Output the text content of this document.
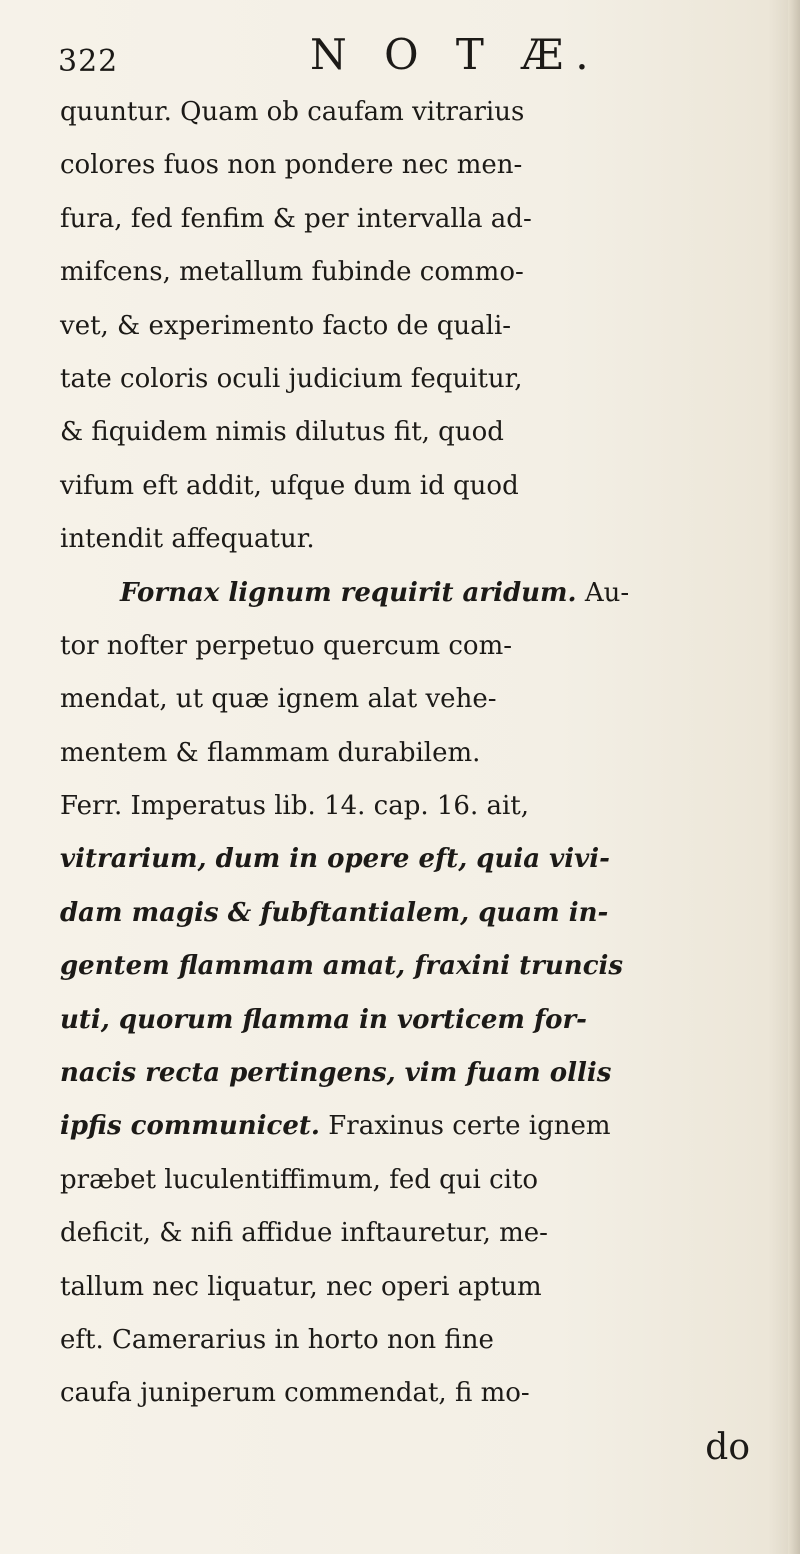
322	N O T Æ.
quuntur. Quam ob caufam vitrarius
colores fuos non pondere nec men-
fura, fed fenfim & per intervalla ad-
mifcens, metallum fubinde commo-
vet, & experimento facto de quali-
tate coloris oculi judicium fequitur,
& fiquidem nimis dilutus fit, quod
vifum eft addit, ufque dum id quod
intendit affequatur.
Fornax lignum requirit aridum. Au-
tor nofter perpetuo quercum com-
mendat, ut quæ ignem alat vehe-
mentem & flammam durabilem.
Ferr. Imperatus lib. 14. cap. 16. ait,
vitrarium, dum in opere eft, quia vivi-
dam magis & fubftantialem, quam in-
gentem flammam amat, fraxini truncis
uti, quorum flamma in vorticem for-
nacis recta pertingens, vim fuam ollis
ipfis communicet. Fraxinus certe ignem
præbet luculentiffimum, fed qui cito
deficit, & nifi affidue inftauretur, me-
tallum nec liquatur, nec operi aptum
eft. Camerarius in horto non fine
caufa juniperum commendat, fi mo-
do
